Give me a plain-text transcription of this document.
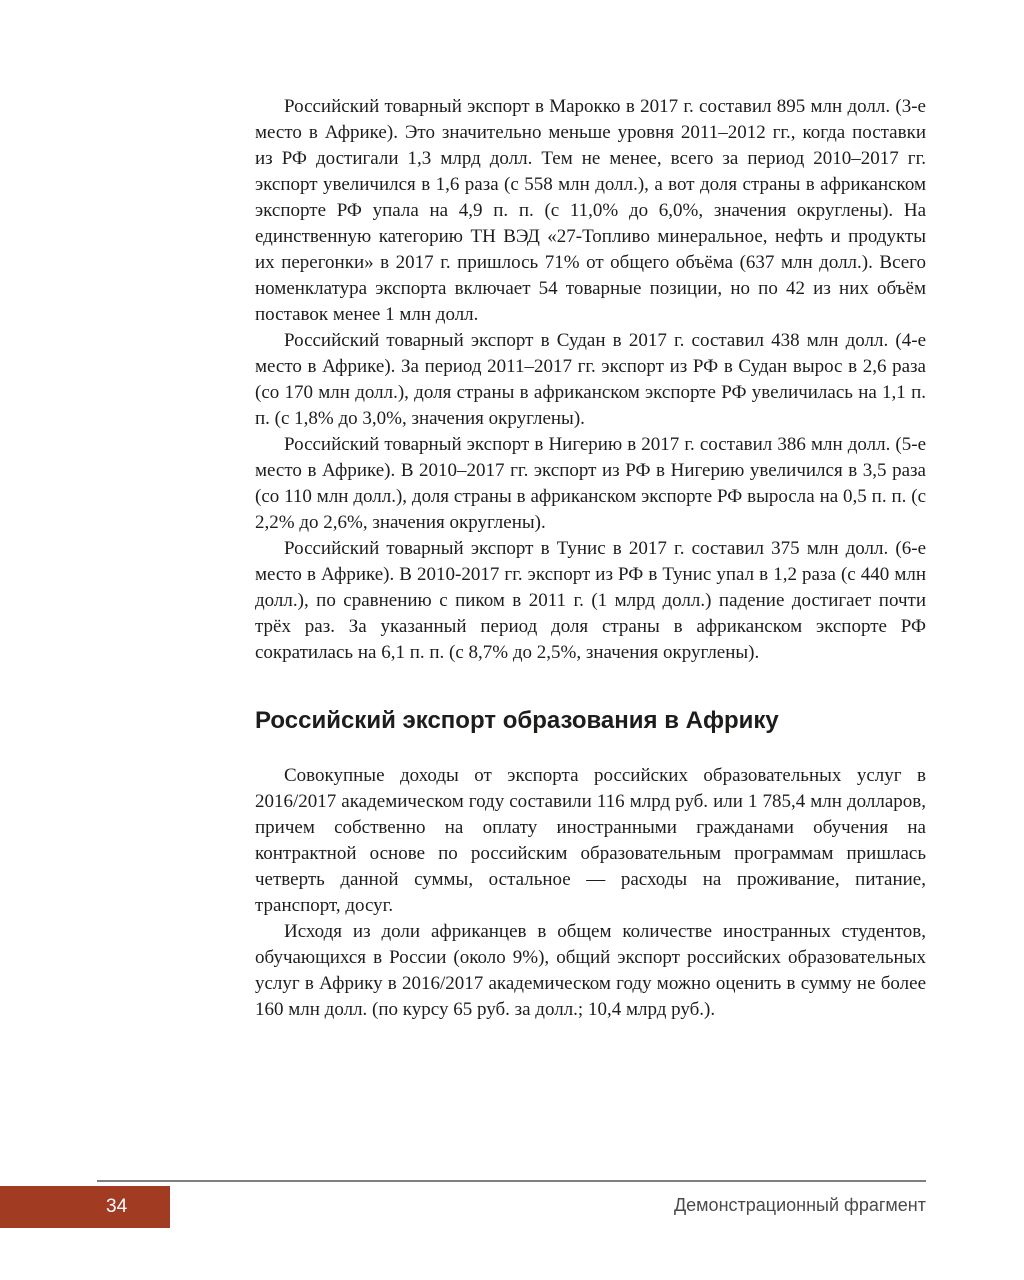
Российский товарный экспорт в Марокко в 2017 г. составил 895 млн долл. (3-е место в Африке). Это значительно меньше уровня 2011–2012 гг., когда поставки из РФ достигали 1,3 млрд долл. Тем не менее, всего за период 2010–2017 гг. экспорт увеличился в 1,6 раза (с 558 млн долл.), а вот доля страны в африканском экспорте РФ упала на 4,9 п. п. (с 11,0% до 6,0%, значения округлены). На единственную категорию ТН ВЭД «27-Топливо минеральное, нефть и продукты их перегонки» в 2017 г. пришлось 71% от общего объёма (637 млн долл.). Всего номенклатура экспорта включает 54 товарные позиции, но по 42 из них объём поставок менее 1 млн долл.

Российский товарный экспорт в Судан в 2017 г. составил 438 млн долл. (4-е место в Африке). За период 2011–2017 гг. экспорт из РФ в Судан вырос в 2,6 раза (со 170 млн долл.), доля страны в африканском экспорте РФ увеличилась на 1,1 п. п. (с 1,8% до 3,0%, значения округлены).

Российский товарный экспорт в Нигерию в 2017 г. составил 386 млн долл. (5-е место в Африке). В 2010–2017 гг. экспорт из РФ в Нигерию увеличился в 3,5 раза (со 110 млн долл.), доля страны в африканском экспорте РФ выросла на 0,5 п. п. (с 2,2% до 2,6%, значения округлены).

Российский товарный экспорт в Тунис в 2017 г. составил 375 млн долл. (6-е место в Африке). В 2010-2017 гг. экспорт из РФ в Тунис упал в 1,2 раза (с 440 млн долл.), по сравнению с пиком в 2011 г. (1 млрд долл.) падение достигает почти трёх раз. За указанный период доля страны в африканском экспорте РФ сократилась на 6,1 п. п. (с 8,7% до 2,5%, значения округлены).

Российский экспорт образования в Африку

Совокупные доходы от экспорта российских образовательных услуг в 2016/2017 академическом году составили 116 млрд руб. или 1 785,4 млн долларов, причем собственно на оплату иностранными гражданами обучения на контрактной основе по российским образовательным программам пришлась четверть данной суммы, остальное — расходы на проживание, питание, транспорт, досуг.

Исходя из доли африканцев в общем количестве иностранных студентов, обучающихся в России (около 9%), общий экспорт российских образовательных услуг в Африку в 2016/2017 академическом году можно оценить в сумму не более 160 млн долл. (по курсу 65 руб. за долл.; 10,4 млрд руб.).

34	Демонстрационный фрагмент
